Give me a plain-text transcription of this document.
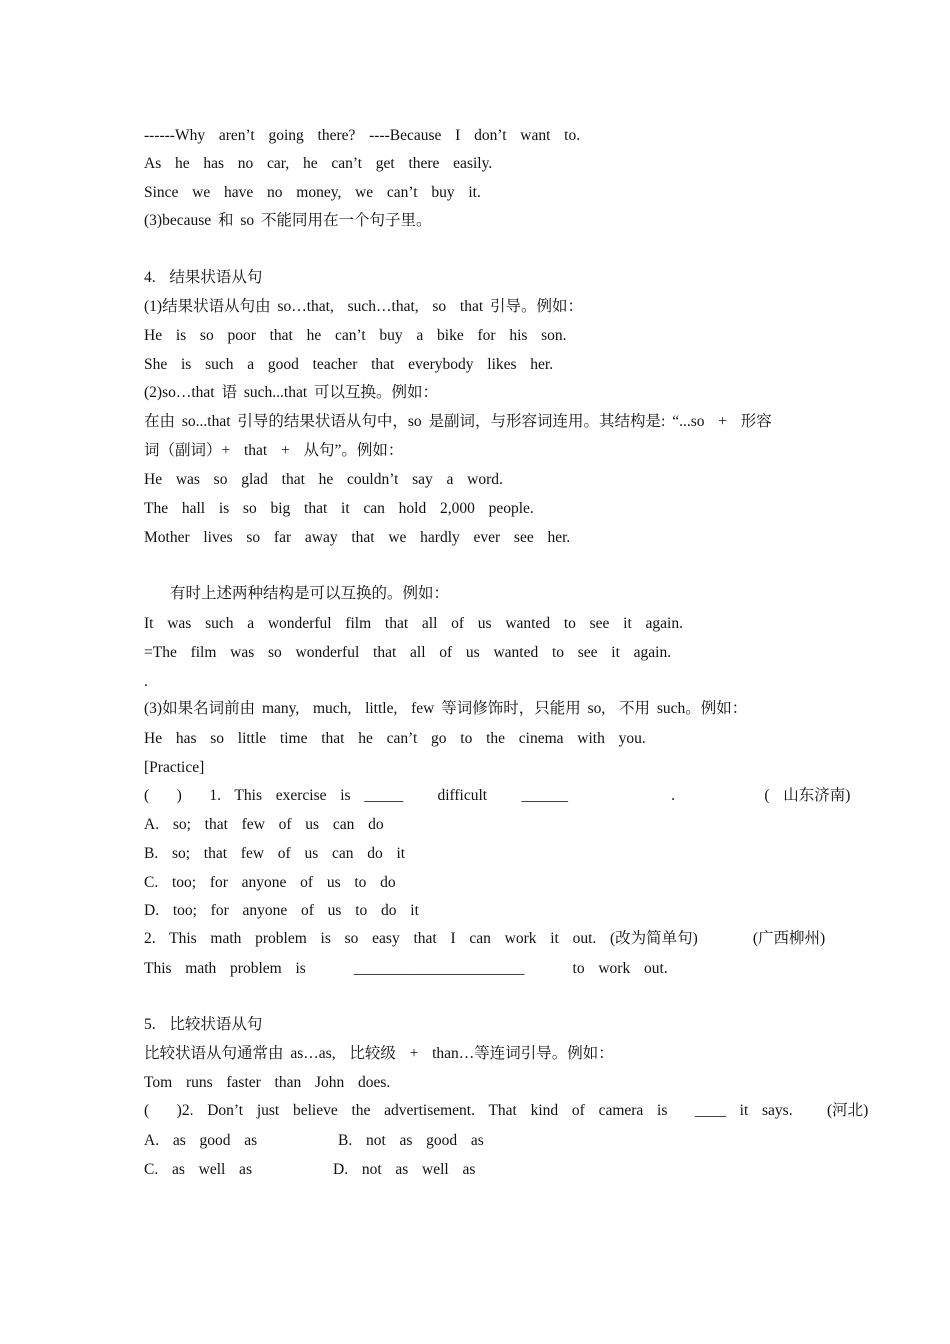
------Why  aren’t  going  there?  ----Because  I  don’t  want  to.
As  he  has  no  car,  he  can’t  get  there  easily.
Since  we  have  no  money,  we  can’t  buy  it.
(3)because 和 so 不能同用在一个句子里。
4.  结果状语从句
(1)结果状语从句由 so…that,  such…that,  so  that 引导。例如：
He  is  so  poor  that  he  can’t  buy  a  bike  for  his  son.
She  is  such  a  good  teacher  that  everybody  likes  her.
(2)so…that 语 such...that 可以互换。例如：
在由 so...that 引导的结果状语从句中，so 是副词，与形容词连用。其结构是: “...so  +  形容
词（副词）+  that  +  从句”。例如：
He  was  so  glad  that  he  couldn’t  say  a  word.
The  hall  is  so  big  that  it  can  hold  2,000  people.
Mother  lives  so  far  away  that  we  hardly  ever  see  her.
有时上述两种结构是可以互换的。例如：
It  was  such  a  wonderful  film  that  all  of  us  wanted  to  see  it  again.
=The  film  was  so  wonderful  that  all  of  us  wanted  to  see  it  again.
.
(3)如果名词前由 many,  much,  little,  few 等词修饰时，只能用 so,  不用 such。例如：
He  has  so  little  time  that  he  can’t  go  to  the  cinema  with  you.
[Practice]
(    )    1.  This  exercise  is  _____     difficult     ______               .             (  山东济南)
A.  so;  that  few  of  us  can  do
B.  so;  that  few  of  us  can  do  it
C.  too;  for  anyone  of  us  to  do
D.  too;  for  anyone  of  us  to  do  it
2.  This  math  problem  is  so  easy  that  I  can  work  it  out.  (改为简单句)        (广西柳州)
This  math  problem  is       ______________________       to  work  out.
5.  比较状语从句
比较状语从句通常由 as…as,  比较级  +  than…等连词引导。例如：
Tom  runs  faster  than  John  does.
(    )2.  Don’t  just  believe  the  advertisement.  That  kind  of  camera  is    ____  it  says.     (河北)
A.  as  good  as	B.  not  as  good  as
C.  as  well  as	D.  not  as  well  as
